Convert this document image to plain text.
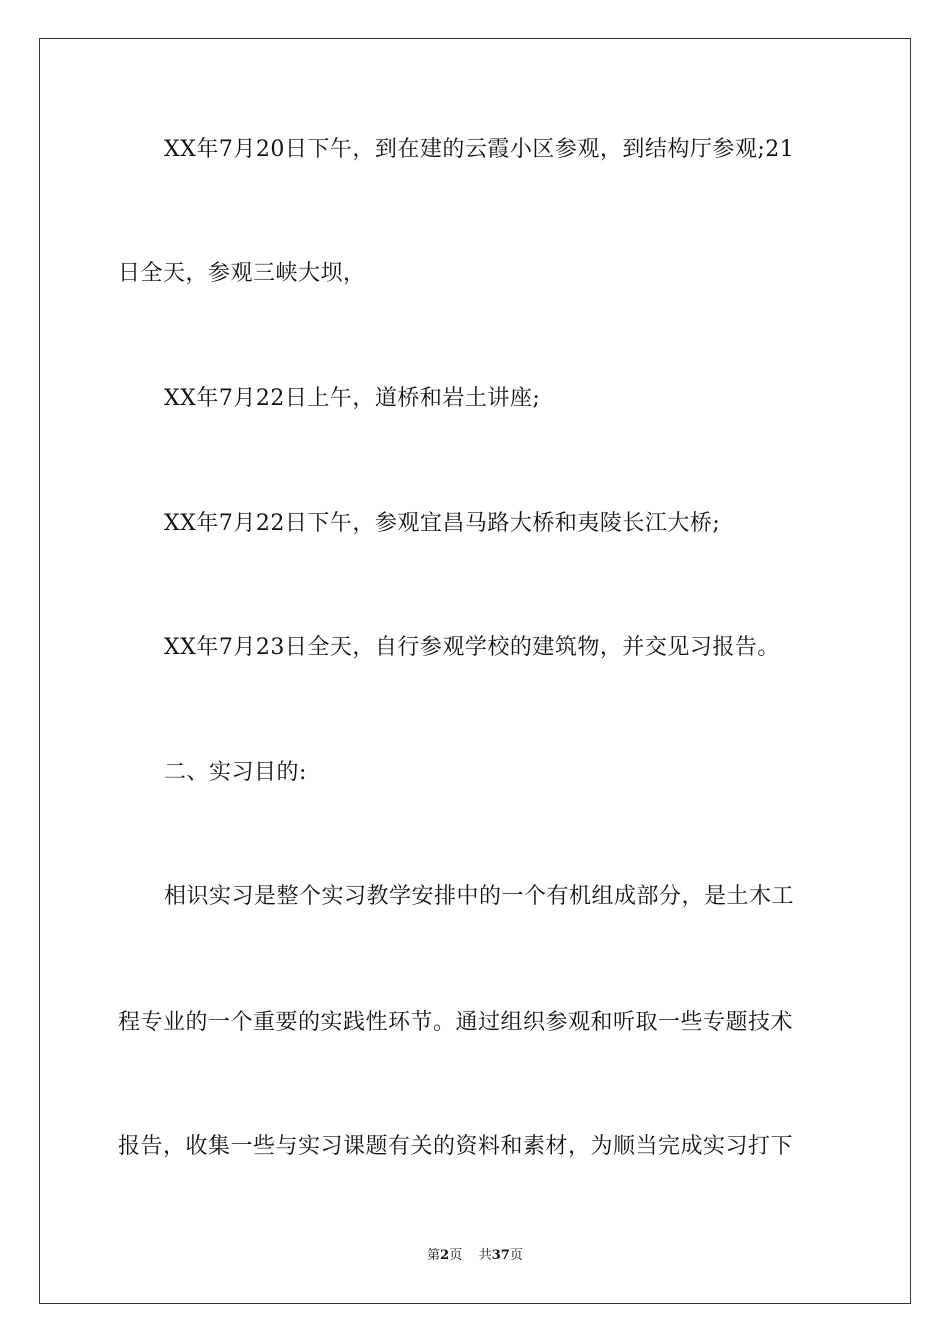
XX年7月20日下午，到在建的云霞小区参观，到结构厅参观;21
日全天，参观三峡大坝，
XX年7月22日上午，道桥和岩土讲座;
XX年7月22日下午，参观宜昌马路大桥和夷陵长江大桥;
XX年7月23日全天，自行参观学校的建筑物，并交见习报告。
二、实习目的:
相识实习是整个实习教学安排中的一个有机组成部分，是土木工
程专业的一个重要的实践性环节。通过组织参观和听取一些专题技术
报告，收集一些与实习课题有关的资料和素材，为顺当完成实习打下
第2页 共37页
